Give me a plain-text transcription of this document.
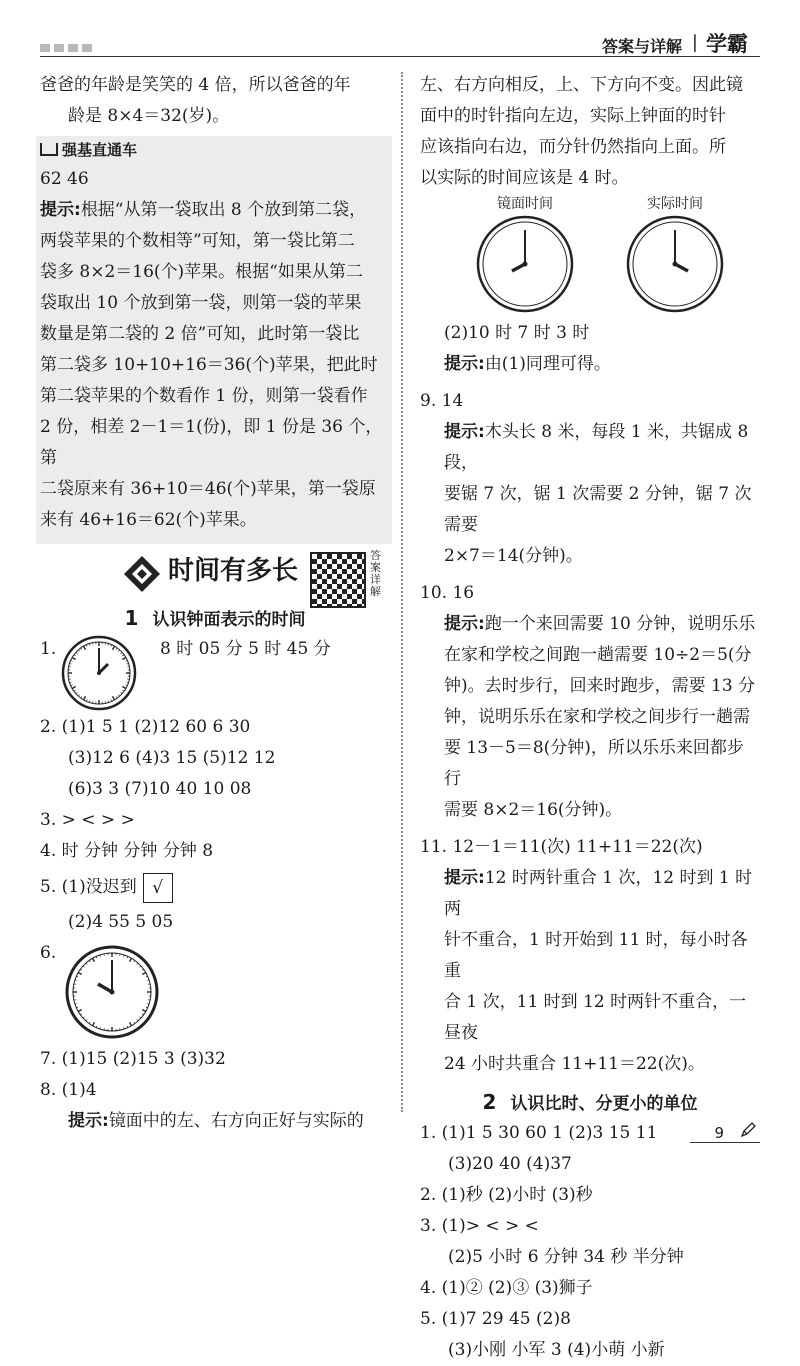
答案与详解 | 学霸

爸爸的年龄是笑笑的 4 倍，所以爸爸的年

龄是 8×4＝32(岁)。

强基直通车

62 46

提示:根据“从第一袋取出 8 个放到第二袋，

两袋苹果的个数相等”可知，第一袋比第二

袋多 8×2＝16(个)苹果。根据“如果从第二

袋取出 10 个放到第一袋，则第一袋的苹果

数量是第二袋的 2 倍”可知，此时第一袋比

第二袋多 10+10+16＝36(个)苹果，把此时

第二袋苹果的个数看作 1 份，则第一袋看作

2 份，相差 2－1＝1(份)，即 1 份是 36 个，第

二袋原来有 36+10＝46(个)苹果，第一袋原

来有 46+16＝62(个)苹果。

时间有多长
答案详解
1 认识钟面表示的时间
1.	8 时 05 分 5 时 45 分

2. (1)1 5 1 (2)12 60 6 30

(3)12 6 (4)3 15 (5)12 12

(6)3 3 (7)10 40 10 08

3. > < > >

4. 时 分钟 分钟 分钟 8

5. (1)没迟到 √

(2)4 55 5 05

6.

7. (1)15 (2)15 3 (3)32

8. (1)4

提示:镜面中的左、右方向正好与实际的

左、右方向相反，上、下方向不变。因此镜

面中的时针指向左边，实际上钟面的时针

应该指向右边，而分针仍然指向上面。所

以实际的时间应该是 4 时。

镜面时间	实际时间

(2)10 时 7 时 3 时

提示:由(1)同理可得。

9. 14

提示:木头长 8 米，每段 1 米，共锯成 8 段，

要锯 7 次，锯 1 次需要 2 分钟，锯 7 次需要

2×7＝14(分钟)。

10. 16

提示:跑一个来回需要 10 分钟，说明乐乐

在家和学校之间跑一趟需要 10÷2＝5(分

钟)。去时步行，回来时跑步，需要 13 分

钟，说明乐乐在家和学校之间步行一趟需

要 13－5＝8(分钟)，所以乐乐来回都步行

需要 8×2＝16(分钟)。

11. 12－1＝11(次) 11+11＝22(次)

提示:12 时两针重合 1 次，12 时到 1 时两

针不重合，1 时开始到 11 时，每小时各重

合 1 次，11 时到 12 时两针不重合，一昼夜

24 小时共重合 11+11＝22(次)。

2 认识比时、分更小的单位

1. (1)1 5 30 60 1 (2)3 15 11

(3)20 40 (4)37

2. (1)秒 (2)小时 (3)秒

3. (1)> < > <

(2)5 小时 6 分钟 34 秒 半分钟

4. (1)② (2)③ (3)狮子

5. (1)7 29 45 (2)8

(3)小刚 小军 3 (4)小萌 小新

9
